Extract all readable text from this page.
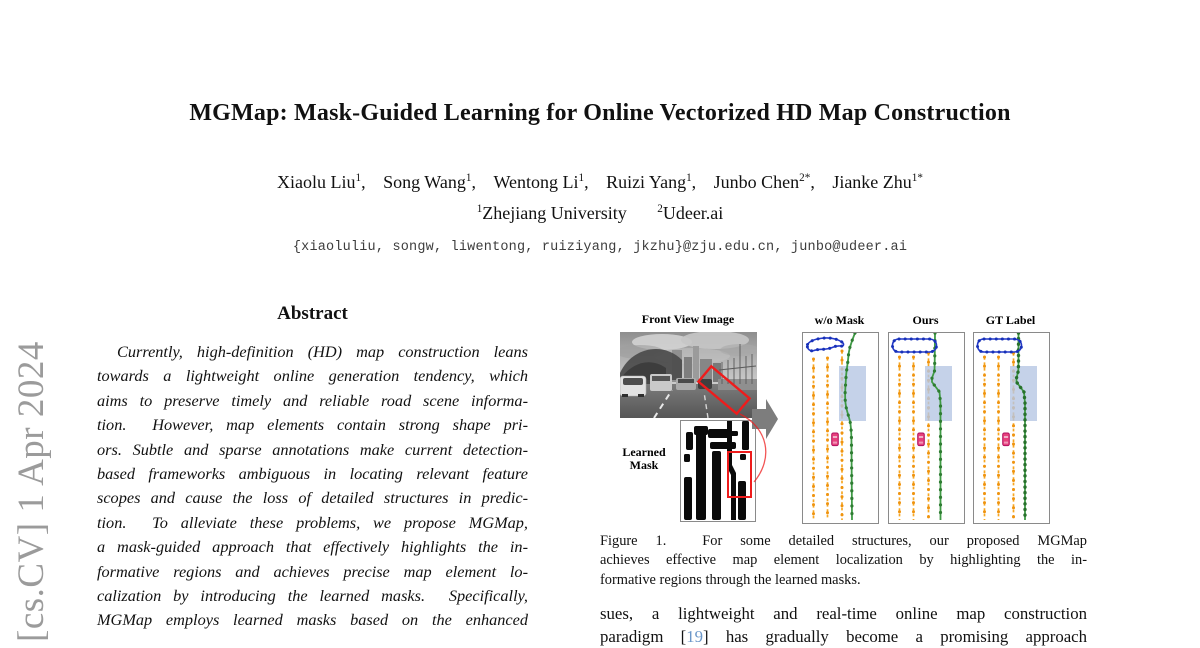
[cs.CV] 1 Apr 2024
MGMap: Mask-Guided Learning for Online Vectorized HD Map Construction
Xiaolu Liu$^1$, Song Wang$^1$, Wentong Li$^1$, Ruizi Yang$^1$, Junbo Chen$^{2*}$, Jianke Zhu$^{1*}$
$^1$Zhejiang University	$^2$Udeer.ai
{xiaoluliu, songw, liwentong, ruiziyang, jkzhu}@zju.edu.cn, junbo@udeer.ai
Abstract
Currently, high-definition (HD) map construction leans
towards a lightweight online generation tendency, which
aims to preserve timely and reliable road scene informa-
tion.  However, map elements contain strong shape pri-
ors. Subtle and sparse annotations make current detection-
based frameworks ambiguous in locating relevant feature
scopes and cause the loss of detailed structures in predic-
tion.  To alleviate these problems, we propose MGMap,
a mask-guided approach that effectively highlights the in-
formative regions and achieves precise map element lo-
calization by introducing the learned masks.  Specifically,
MGMap employs learned masks based on the enhanced
Front View Image
Learned Mask
w/o Mask	Ours	GT Label
Figure 1.  For some detailed structures, our proposed MGMap
achieves effective map element localization by highlighting the in-
formative regions through the learned masks.
sues, a lightweight and real-time online map construction
paradigm [19] has gradually become a promising approach
